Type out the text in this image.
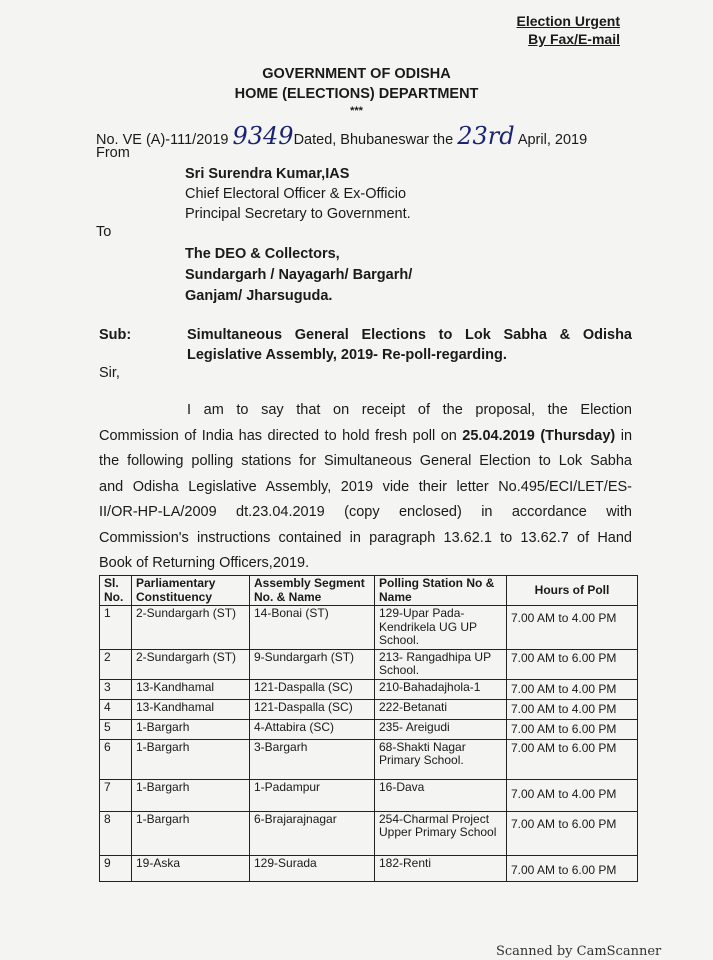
Election Urgent
By Fax/E-mail
GOVERNMENT OF ODISHA
HOME (ELECTIONS) DEPARTMENT
***
No. VE (A)-111/2019 9349Dated, Bhubaneswar the 23rd April, 2019
From
Sri Surendra Kumar,IAS
Chief Electoral Officer & Ex-Officio
Principal Secretary to Government.
To
The DEO & Collectors,
Sundargarh / Nayagarh/ Bargarh/
Ganjam/ Jharsuguda.
Sub:	Simultaneous General Elections to Lok Sabha & Odisha
Legislative Assembly, 2019- Re-poll-regarding.
Sir,
I am to say that on receipt of the proposal, the Election
Commission of India has directed to hold fresh poll on 25.04.2019 (Thursday) in
the following polling stations for Simultaneous General Election to Lok Sabha
and Odisha Legislative Assembly, 2019 vide their letter No.495/ECI/LET/ES-
II/OR-HP-LA/2009 dt.23.04.2019 (copy enclosed) in accordance with
Commission's instructions contained in paragraph 13.62.1 to 13.62.7 of Hand
Book of Returning Officers,2019.
Sl. No.	Parliamentary Constituency	Assembly Segment No. & Name	Polling Station No & Name	Hours of Poll
1	2-Sundargarh (ST)	14-Bonai (ST)	129-Upar Pada- Kendrikela UG UP School.	7.00 AM to 4.00 PM
2	2-Sundargarh (ST)	9-Sundargarh (ST)	213- Rangadhipa UP School.	7.00 AM to 6.00 PM
3	13-Kandhamal	121-Daspalla (SC)	210-Bahadajhola-1	7.00 AM to 4.00 PM
4	13-Kandhamal	121-Daspalla (SC)	222-Betanati	7.00 AM to 4.00 PM
5	1-Bargarh	4-Attabira (SC)	235- Areigudi	7.00 AM to 6.00 PM
6	1-Bargarh	3-Bargarh	68-Shakti Nagar Primary School.	7.00 AM to 6.00 PM
7	1-Bargarh	1-Padampur	16-Dava	7.00 AM to 4.00 PM
8	1-Bargarh	6-Brajarajnagar	254-Charmal Project Upper Primary School	7.00 AM to 6.00 PM
9	19-Aska	129-Surada	182-Renti	7.00 AM to 6.00 PM
Scanned by CamScanner
